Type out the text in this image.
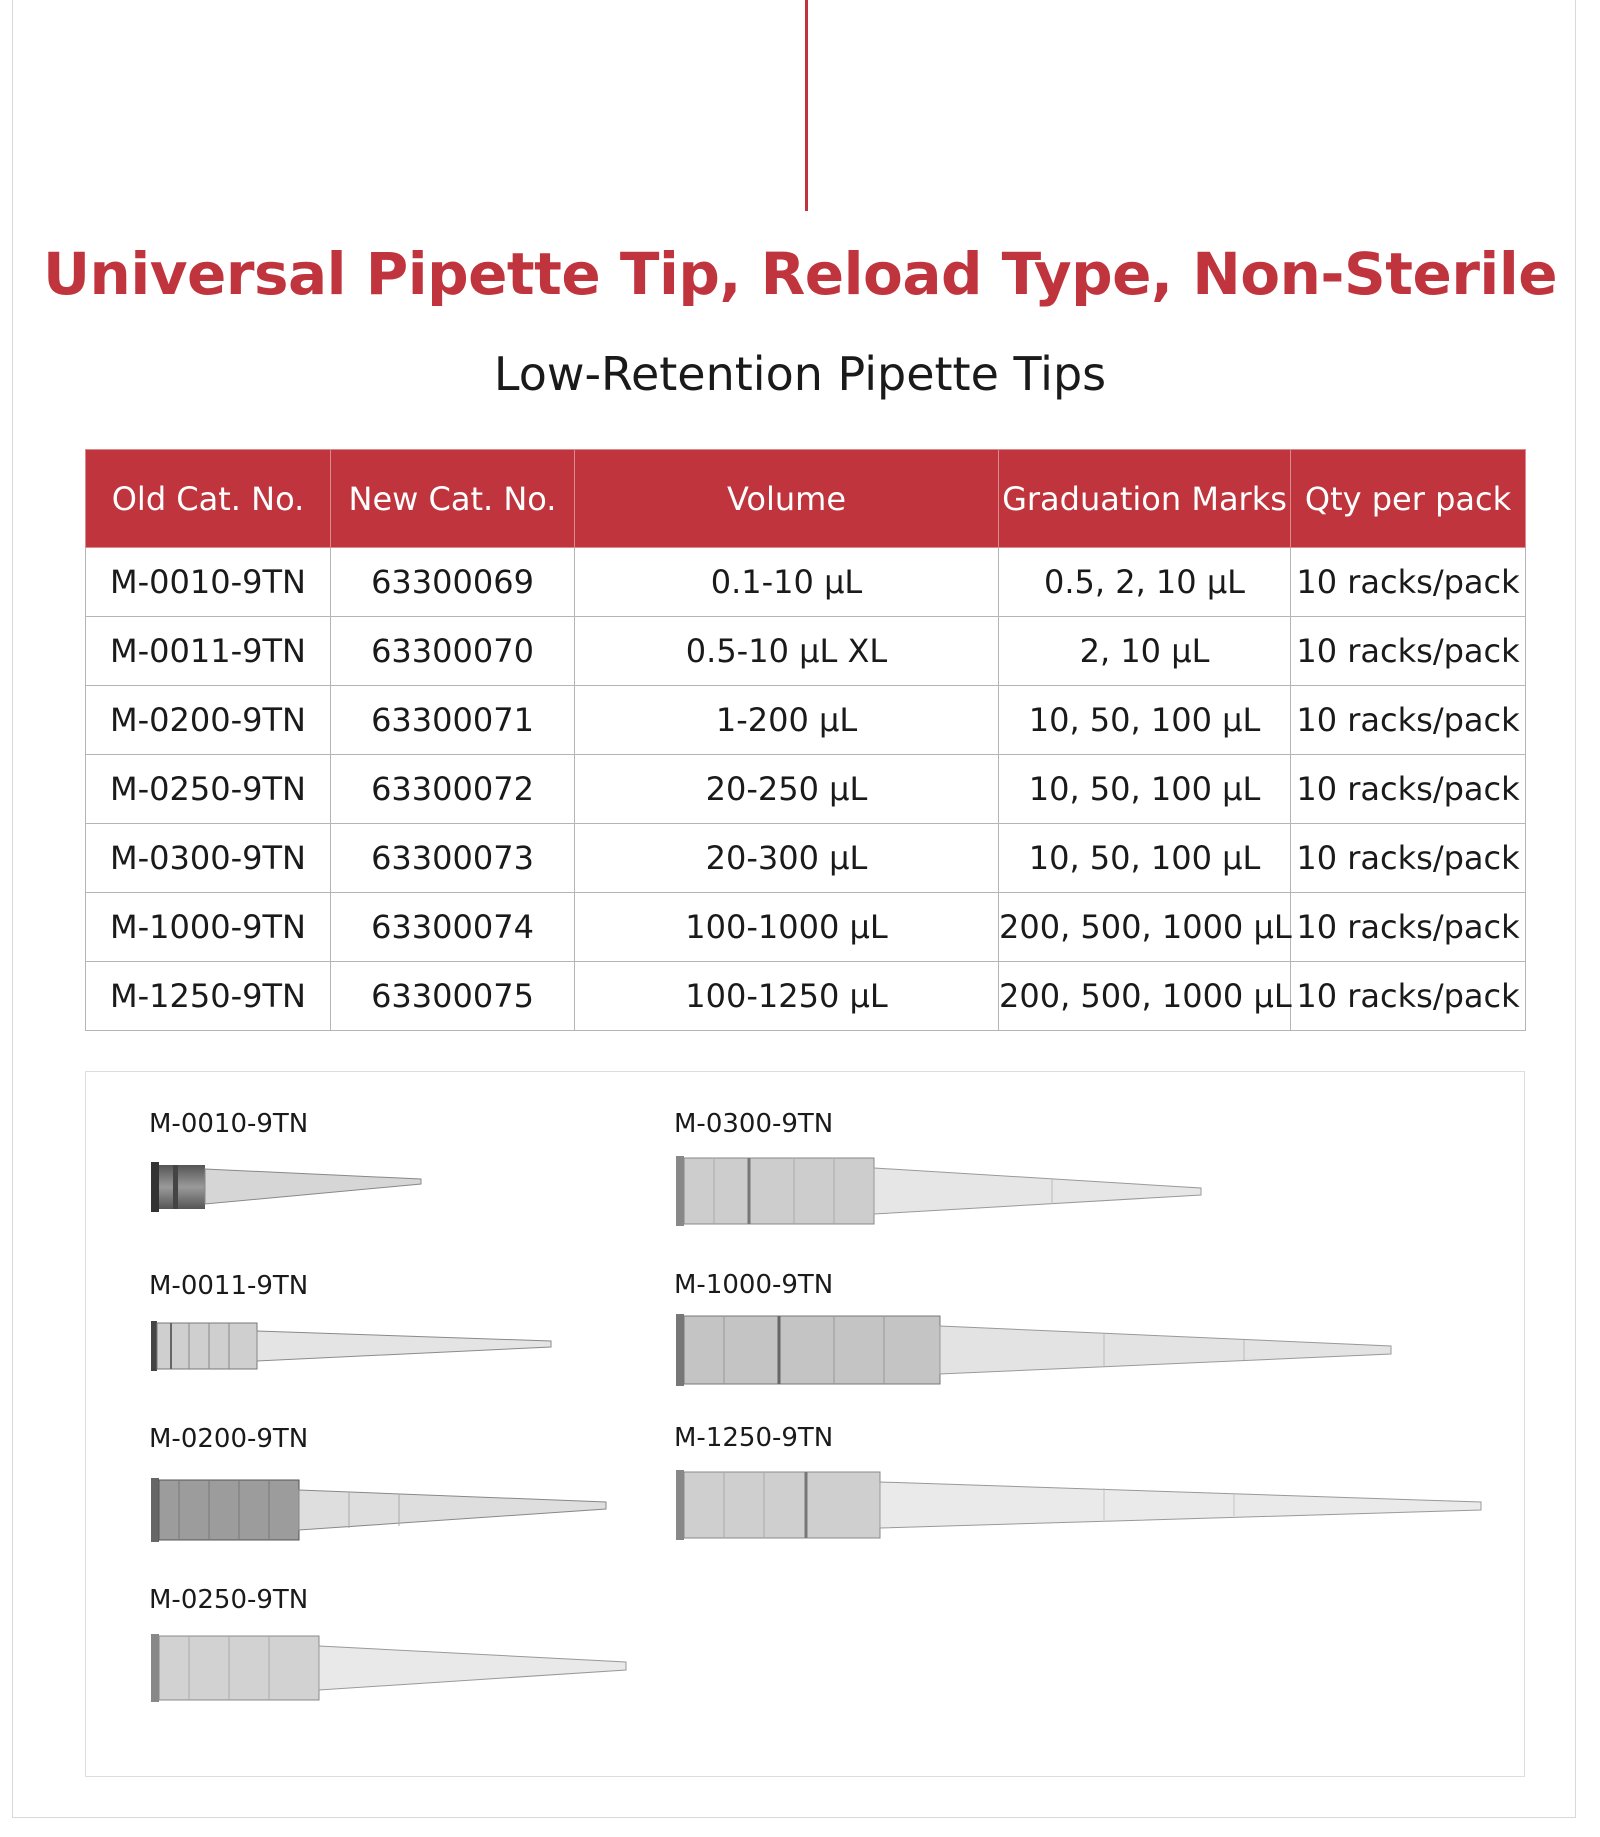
Universal Pipette Tip, Reload Type, Non-Sterile
Low-Retention Pipette Tips
Old Cat. No.	New Cat. No.	Volume	Graduation Marks	Qty per pack
M-0010-9TN	63300069	0.1-10 µL	0.5, 2, 10 µL	10 racks/pack
M-0011-9TN	63300070	0.5-10 µL XL	2, 10 µL	10 racks/pack
M-0200-9TN	63300071	1-200 µL	10, 50, 100 µL	10 racks/pack
M-0250-9TN	63300072	20-250 µL	10, 50, 100 µL	10 racks/pack
M-0300-9TN	63300073	20-300 µL	10, 50, 100 µL	10 racks/pack
M-1000-9TN	63300074	100-1000 µL	200, 500, 1000 µL	10 racks/pack
M-1250-9TN	63300075	100-1250 µL	200, 500, 1000 µL	10 racks/pack
M-0010-9TN
M-0011-9TN
M-0200-9TN
M-0250-9TN
M-0300-9TN
M-1000-9TN
M-1250-9TN
